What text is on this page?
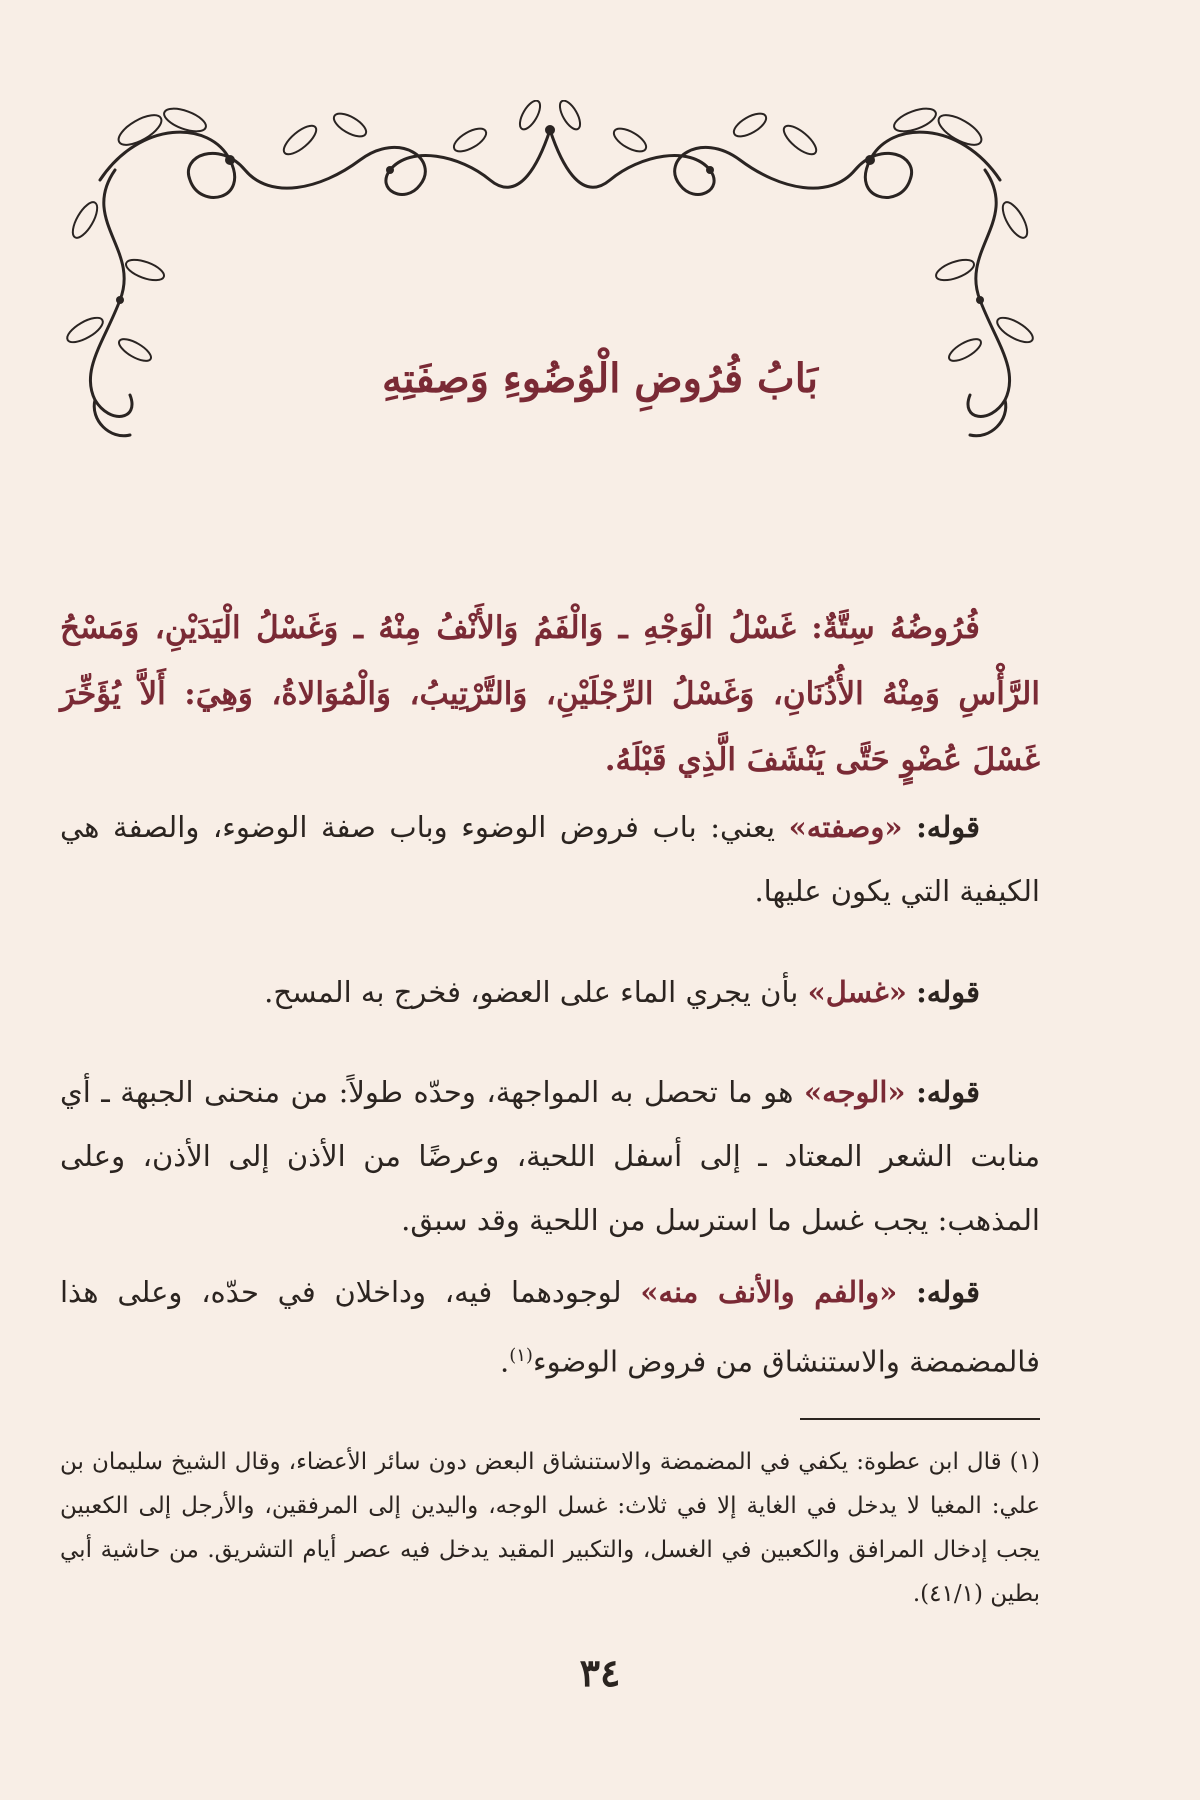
بَابُ فُرُوضِ الْوُضُوءِ وَصِفَتِهِ

فُرُوضُهُ سِتَّةٌ: غَسْلُ الْوَجْهِ ـ وَالْفَمُ وَالأَنْفُ مِنْهُ ـ وَغَسْلُ الْيَدَيْنِ، وَمَسْحُ الرَّأْسِ وَمِنْهُ الأُذُنَانِ، وَغَسْلُ الرِّجْلَيْنِ، وَالتَّرْتِيبُ، وَالْمُوَالاةُ، وَهِيَ: أَلاَّ يُؤَخِّرَ غَسْلَ عُضْوٍ حَتَّى يَنْشَفَ الَّذِي قَبْلَهُ.

قوله: «وصفته» يعني: باب فروض الوضوء وباب صفة الوضوء، والصفة هي الكيفية التي يكون عليها.

قوله: «غسل» بأن يجري الماء على العضو، فخرج به المسح.

قوله: «الوجه» هو ما تحصل به المواجهة، وحدّه طولاً: من منحنى الجبهة ـ أي منابت الشعر المعتاد ـ إلى أسفل اللحية، وعرضًا من الأذن إلى الأذن، وعلى المذهب: يجب غسل ما استرسل من اللحية وقد سبق.

قوله: «والفم والأنف منه» لوجودهما فيه، وداخلان في حدّه، وعلى هذا فالمضمضة والاستنشاق من فروض الوضوء$^{(١)}$.

(١) قال ابن عطوة: يكفي في المضمضة والاستنشاق البعض دون سائر الأعضاء، وقال الشيخ سليمان بن علي: المغيا لا يدخل في الغاية إلا في ثلاث: غسل الوجه، واليدين إلى المرفقين، والأرجل إلى الكعبين يجب إدخال المرافق والكعبين في الغسل، والتكبير المقيد يدخل فيه عصر أيام التشريق. من حاشية أبي بطين (٤١/١).

٣٤
